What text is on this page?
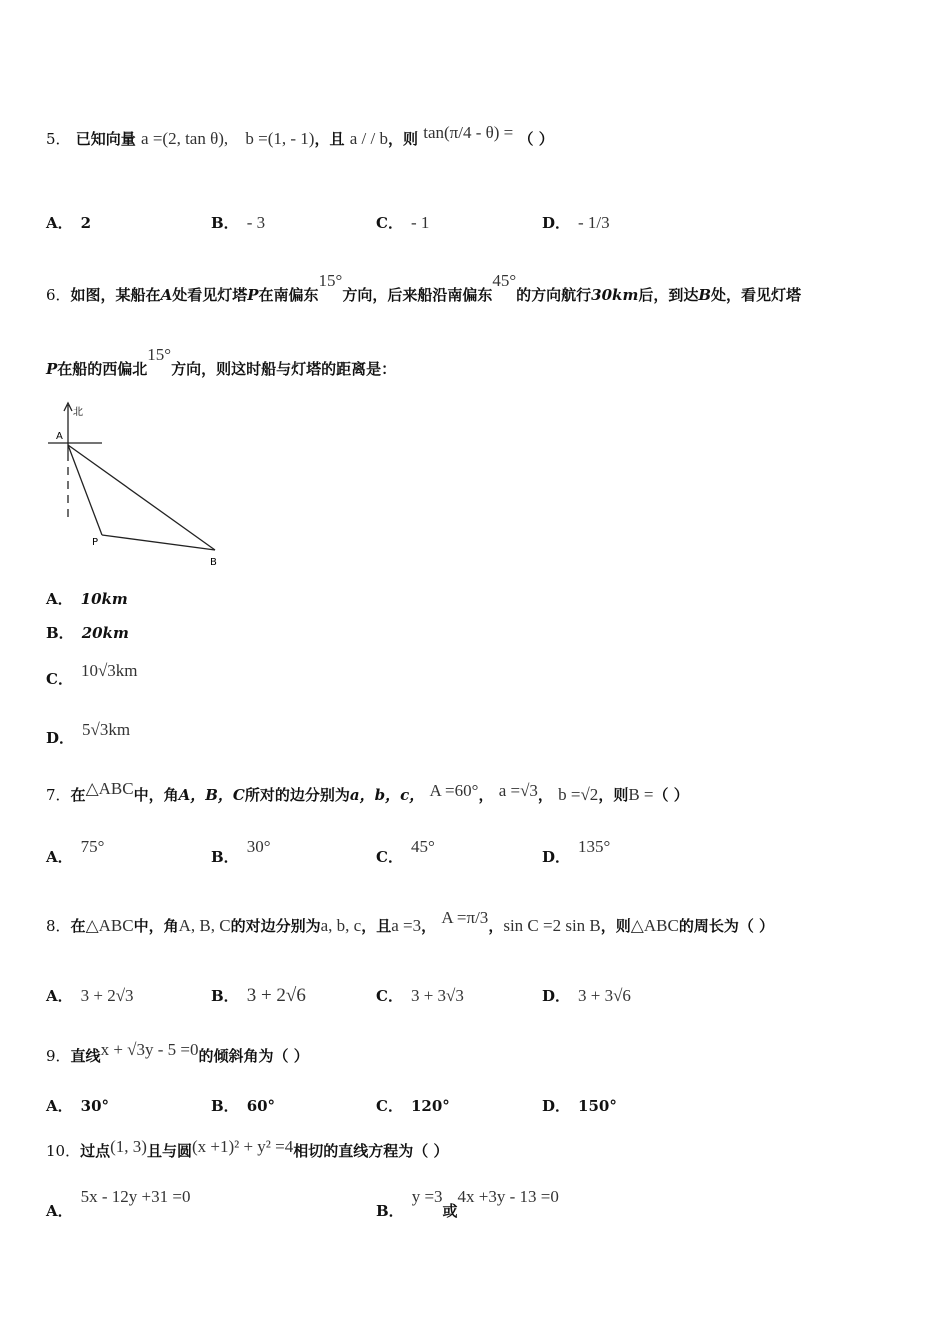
5． 已知向量 a =(2, tan θ), b =(1, - 1)，且 a / / b，则 tan(π/4 - θ) = （ ）
A． 2	B． - 3	C． - 1	D． - 1/3
6．如图，某船在A处看见灯塔P在南偏东15°方向，后来船沿南偏东45°的方向航行30km后，到达B处，看见灯塔
P在船的西偏北15°方向，则这时船与灯塔的距离是：
北
A
P
B
A． 10km
B． 20km
C． 10√3km
D． 5√3km
7．在△ABC中，角A，B，C所对的边分别为a，b，c， A =60°， a =√3， b =√2，则B =（ ）
A．75°
B．30°
C．45°
D．135°
8．在△ABC中，角A, B, C的对边分别为a, b, c，且a =3， A =π/3，sin C =2 sin B，则△ABC的周长为（ ）
A． 3 + 2√3	B． 3 + 2√6	C． 3 + 3√3	D． 3 + 3√6
9．直线x + √3y - 5 =0的倾斜角为（ ）
A． 30°	B． 60°	C． 120°	D． 150°
10．过点(1, 3)且与圆(x +1)² + y² =4相切的直线方程为（ ）
A．5x - 12y +31 =0
B．y =3或4x +3y - 13 =0
